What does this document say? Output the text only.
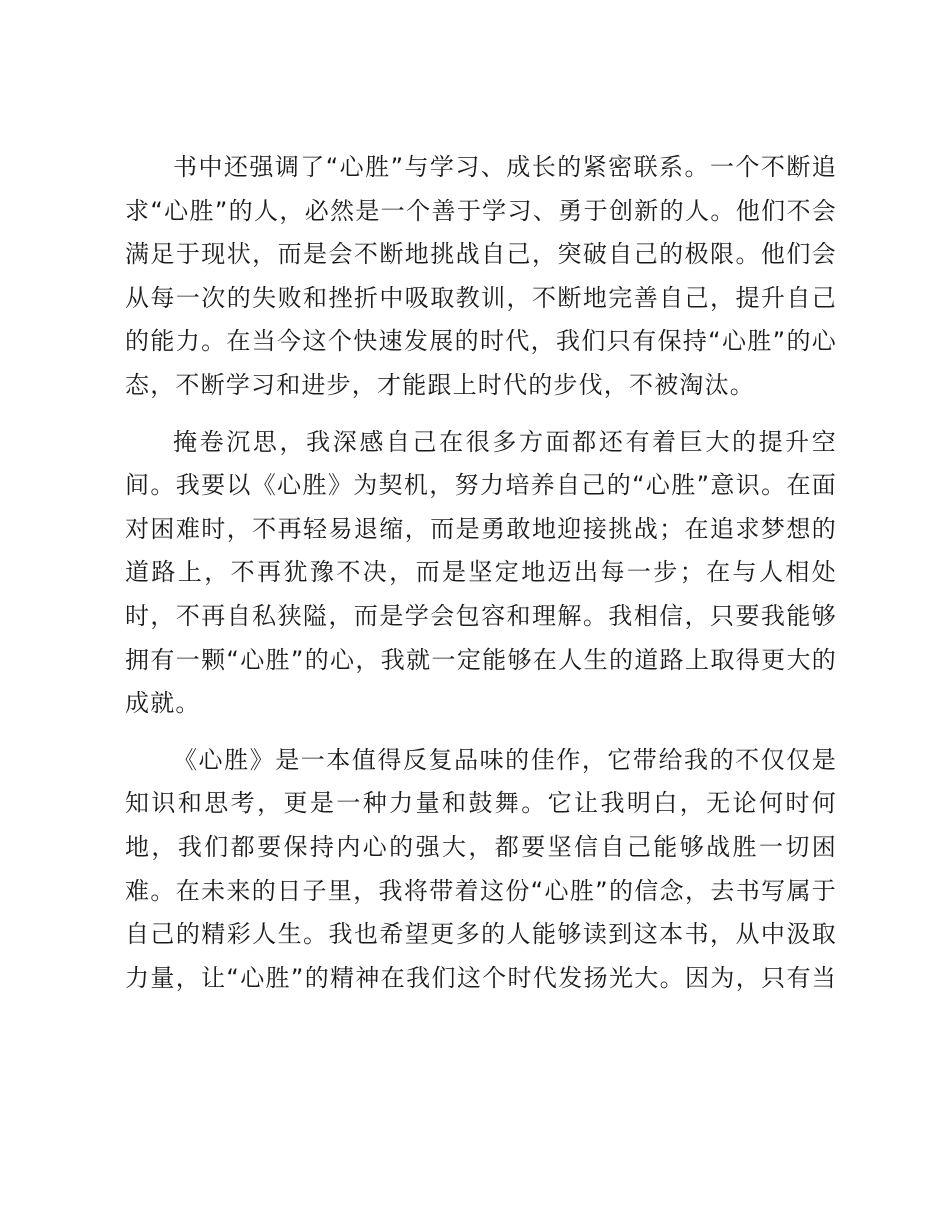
书中还强调了“心胜”与学习、成长的紧密联系。一个不断追
求“心胜”的人，必然是一个善于学习、勇于创新的人。他们不会
满足于现状，而是会不断地挑战自己，突破自己的极限。他们会
从每一次的失败和挫折中吸取教训，不断地完善自己，提升自己
的能力。在当今这个快速发展的时代，我们只有保持“心胜”的心
态，不断学习和进步，才能跟上时代的步伐，不被淘汰。
掩卷沉思，我深感自己在很多方面都还有着巨大的提升空
间。我要以《心胜》为契机，努力培养自己的“心胜”意识。在面
对困难时，不再轻易退缩，而是勇敢地迎接挑战；在追求梦想的
道路上，不再犹豫不决，而是坚定地迈出每一步；在与人相处
时，不再自私狭隘，而是学会包容和理解。我相信，只要我能够
拥有一颗“心胜”的心，我就一定能够在人生的道路上取得更大的
成就。
《心胜》是一本值得反复品味的佳作，它带给我的不仅仅是
知识和思考，更是一种力量和鼓舞。它让我明白，无论何时何
地，我们都要保持内心的强大，都要坚信自己能够战胜一切困
难。在未来的日子里，我将带着这份“心胜”的信念，去书写属于
自己的精彩人生。我也希望更多的人能够读到这本书，从中汲取
力量，让“心胜”的精神在我们这个时代发扬光大。因为，只有当
